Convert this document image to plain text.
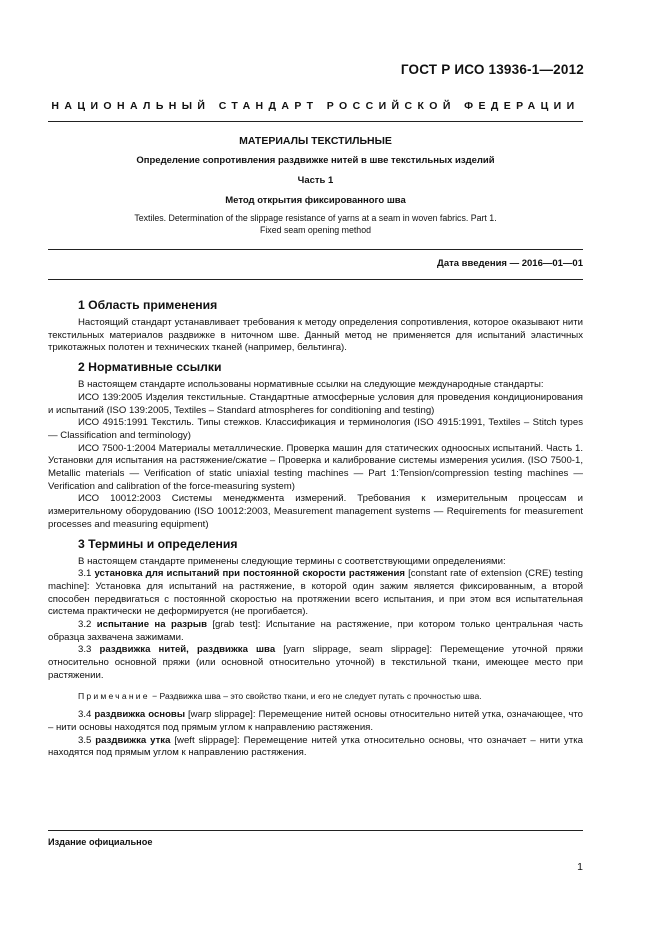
ГОСТ Р ИСО 13936-1—2012
НАЦИОНАЛЬНЫЙ СТАНДАРТ РОССИЙСКОЙ ФЕДЕРАЦИИ
МАТЕРИАЛЫ ТЕКСТИЛЬНЫЕ
Определение сопротивления раздвижке нитей в шве текстильных изделий
Часть 1
Метод открытия фиксированного шва
Textiles. Determination of the slippage resistance of yarns at a seam in woven fabrics. Part 1.
Fixed seam opening method
Дата введения — 2016—01—01
1 Область применения

Настоящий стандарт устанавливает требования к методу определения сопротивления, которое оказывают нити текстильных материалов раздвижке в ниточном шве. Данный метод не применяется для испытаний эластичных трикотажных полотен и технических тканей (например, бельтинга).

2 Нормативные ссылки

В настоящем стандарте использованы нормативные ссылки на следующие международные стандарты:

ИСО 139:2005 Изделия текстильные. Стандартные атмосферные условия для проведения кондиционирования и испытаний (ISO 139:2005, Textiles – Standard atmospheres for conditioning and testing)

ИСО 4915:1991 Текстиль. Типы стежков. Классификация и терминология (ISO 4915:1991, Textiles – Stitch types — Classification and terminology)

ИСО 7500-1:2004 Материалы металлические. Проверка машин для статических одноосных испытаний. Часть 1. Установки для испытания на растяжение/сжатие – Проверка и калибрование системы измерения усилия. (ISO 7500-1, Metallic materials — Verification of static uniaxial testing machines — Part 1:Tension/compression testing machines — Verification and calibration of the force-measuring system)

ИСО 10012:2003 Системы менеджмента измерений. Требования к измерительным процессам и измерительному оборудованию (ISO 10012:2003, Measurement management systems — Requirements for measurement processes and measuring equipment)

3 Термины и определения

В настоящем стандарте применены следующие термины с соответствующими определениями:

3.1 установка для испытаний при постоянной скорости растяжения [constant rate of extension (CRE) testing machine]: Установка для испытаний на растяжение, в которой один зажим является фиксированным, а второй способен передвигаться с постоянной скоростью на протяжении всего испытания, и при этом вся испытательная система практически не деформируется (не прогибается).

3.2 испытание на разрыв [grab test]: Испытание на растяжение, при котором только центральная часть образца захвачена зажимами.

3.3 раздвижка нитей, раздвижка шва [yarn slippage, seam slippage]: Перемещение уточной пряжи относительно основной пряжи (или основной относительно уточной) в текстильной ткани, имеющее место при растяжении.

Примечание − Раздвижка шва – это свойство ткани, и его не следует путать с прочностью шва.

3.4 раздвижка основы [warp slippage]: Перемещение нитей основы относительно нитей утка, означающее, что – нити основы находятся под прямым углом к направлению растяжения.

3.5 раздвижка утка [weft slippage]: Перемещение нитей утка относительно основы, что означает – нити утка находятся под прямым углом к направлению растяжения.

Издание официальное
1
